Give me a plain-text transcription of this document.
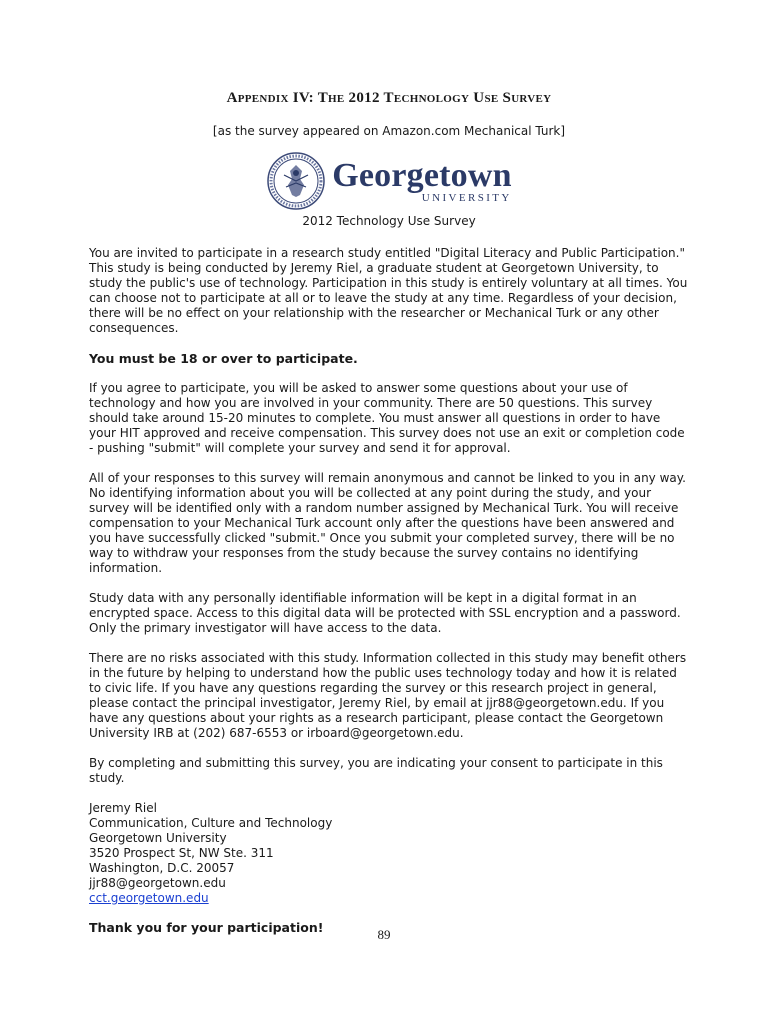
Appendix IV: The 2012 Technology Use Survey
[as the survey appeared on Amazon.com Mechanical Turk]
Georgetown
UNIVERSITY
2012 Technology Use Survey

You are invited to participate in a research study entitled "Digital Literacy and Public Participation." This study is being conducted by Jeremy Riel, a graduate student at Georgetown University, to study the public's use of technology. Participation in this study is entirely voluntary at all times. You can choose not to participate at all or to leave the study at any time. Regardless of your decision, there will be no effect on your relationship with the researcher or Mechanical Turk or any other consequences.

You must be 18 or over to participate.

If you agree to participate, you will be asked to answer some questions about your use of technology and how you are involved in your community. There are 50 questions. This survey should take around 15-20 minutes to complete. You must answer all questions in order to have your HIT approved and receive compensation. This survey does not use an exit or completion code - pushing "submit" will complete your survey and send it for approval.

All of your responses to this survey will remain anonymous and cannot be linked to you in any way. No identifying information about you will be collected at any point during the study, and your survey will be identified only with a random number assigned by Mechanical Turk. You will receive compensation to your Mechanical Turk account only after the questions have been answered and you have successfully clicked "submit." Once you submit your completed survey, there will be no way to withdraw your responses from the study because the survey contains no identifying information.

Study data with any personally identifiable information will be kept in a digital format in an encrypted space. Access to this digital data will be protected with SSL encryption and a password. Only the primary investigator will have access to the data.

There are no risks associated with this study. Information collected in this study may benefit others in the future by helping to understand how the public uses technology today and how it is related to civic life. If you have any questions regarding the survey or this research project in general, please contact the principal investigator, Jeremy Riel, by email at jjr88@georgetown.edu. If you have any questions about your rights as a research participant, please contact the Georgetown University IRB at (202) 687-6553 or irboard@georgetown.edu.

By completing and submitting this survey, you are indicating your consent to participate in this study.

Jeremy Riel
Communication, Culture and Technology
Georgetown University
3520 Prospect St, NW Ste. 311
Washington, D.C. 20057
jjr88@georgetown.edu
cct.georgetown.edu

Thank you for your participation!	89
